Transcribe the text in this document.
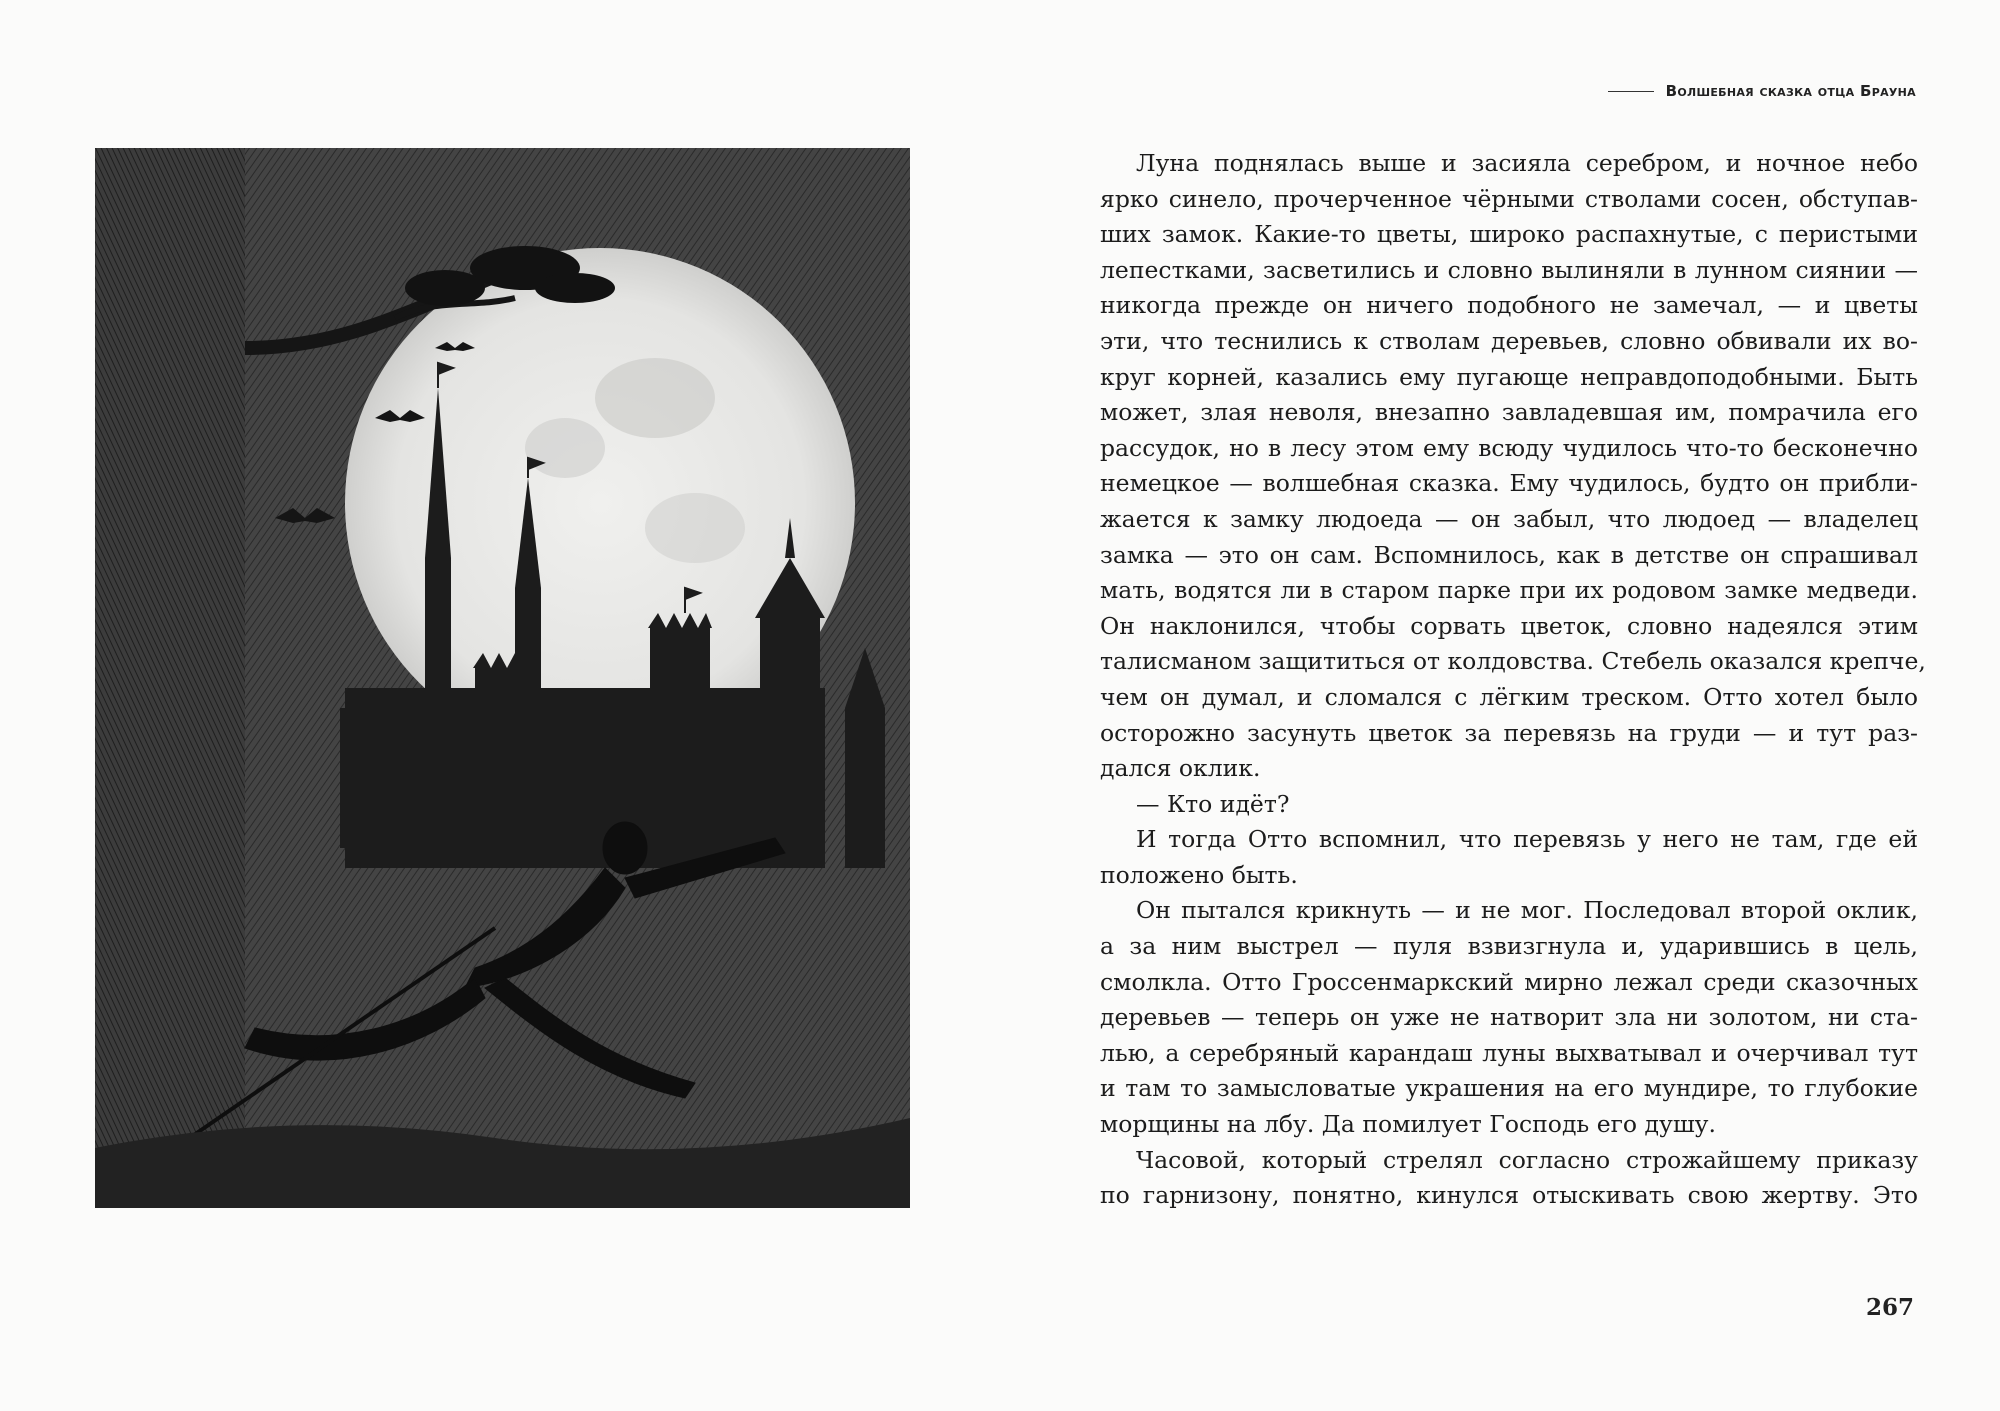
Волшебная сказка отца Брауна
Луна поднялась выше и засияла серебром, и ночное небо
ярко синело, прочерченное чёрными стволами сосен, обступав-
ших замок. Какие-то цветы, широко распахнутые, с перистыми
лепестками, засветились и словно вылиняли в лунном сиянии —
никогда прежде он ничего подобного не замечал, — и цветы
эти, что теснились к стволам деревьев, словно обвивали их во-
круг корней, казались ему пугающе неправдоподобными. Быть
может, злая неволя, внезапно завладевшая им, помрачила его
рассудок, но в лесу этом ему всюду чудилось что-то бесконечно
немецкое — волшебная сказка. Ему чудилось, будто он прибли-
жается к замку людоеда — он забыл, что людоед — владелец
замка — это он сам. Вспомнилось, как в детстве он спрашивал
мать, водятся ли в старом парке при их родовом замке медведи.
Он наклонился, чтобы сорвать цветок, словно надеялся этим
талисманом защититься от колдовства. Стебель оказался крепче,
чем он думал, и сломался с лёгким треском. Отто хотел было
осторожно засунуть цветок за перевязь на груди — и тут раз-
дался оклик.
— Кто идёт?
И тогда Отто вспомнил, что перевязь у него не там, где ей
положено быть.
Он пытался крикнуть — и не мог. Последовал второй оклик,
а за ним выстрел — пуля взвизгнула и, ударившись в цель,
смолкла. Отто Гроссенмаркский мирно лежал среди сказочных
деревьев — теперь он уже не натворит зла ни золотом, ни ста-
лью, а серебряный карандаш луны выхватывал и очерчивал тут
и там то замысловатые украшения на его мундире, то глубокие
морщины на лбу. Да помилует Господь его душу.
Часовой, который стрелял согласно строжайшему приказу
по гарнизону, понятно, кинулся отыскивать свою жертву. Это
267
